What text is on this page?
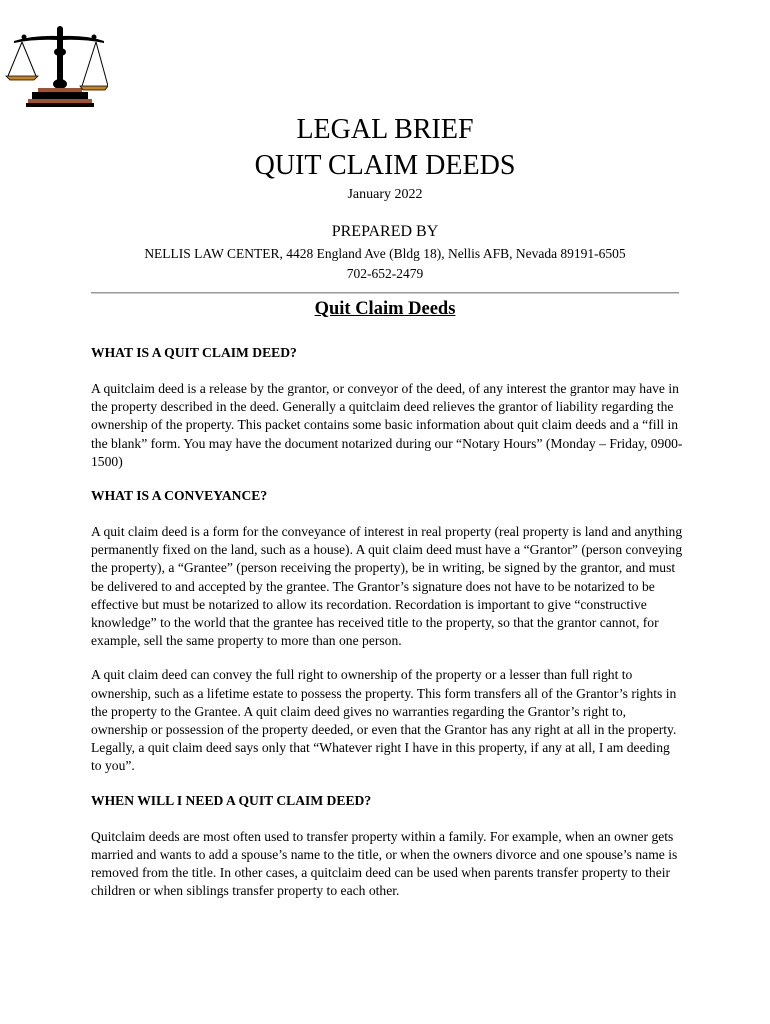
LEGAL BRIEF
QUIT CLAIM DEEDS
January 2022
PREPARED BY
NELLIS LAW CENTER, 4428 England Ave (Bldg 18), Nellis AFB, Nevada 89191-6505
702-652-2479
Quit Claim Deeds
WHAT IS A QUIT CLAIM DEED?

A quitclaim deed is a release by the grantor, or conveyor of the deed, of any interest the grantor may have in the property described in the deed. Generally a quitclaim deed relieves the grantor of liability regarding the ownership of the property. This packet contains some basic information about quit claim deeds and a “fill in the blank” form. You may have the document notarized during our “Notary Hours” (Monday – Friday, 0900-1500)

WHAT IS A CONVEYANCE?

A quit claim deed is a form for the conveyance of interest in real property (real property is land and anything permanently fixed on the land, such as a house). A quit claim deed must have a “Grantor” (person conveying the property), a “Grantee” (person receiving the property), be in writing, be signed by the grantor, and must be delivered to and accepted by the grantee. The Grantor’s signature does not have to be notarized to be effective but must be notarized to allow its recordation. Recordation is important to give “constructive knowledge” to the world that the grantee has received title to the property, so that the grantor cannot, for example, sell the same property to more than one person.

A quit claim deed can convey the full right to ownership of the property or a lesser than full right to ownership, such as a lifetime estate to possess the property. This form transfers all of the Grantor’s rights in the property to the Grantee. A quit claim deed gives no warranties regarding the Grantor’s right to, ownership or possession of the property deeded, or even that the Grantor has any right at all in the property. Legally, a quit claim deed says only that “Whatever right I have in this property, if any at all, I am deeding to you”.

WHEN WILL I NEED A QUIT CLAIM DEED?

Quitclaim deeds are most often used to transfer property within a family. For example, when an owner gets married and wants to add a spouse’s name to the title, or when the owners divorce and one spouse’s name is removed from the title. In other cases, a quitclaim deed can be used when parents transfer property to their children or when siblings transfer property to each other.
